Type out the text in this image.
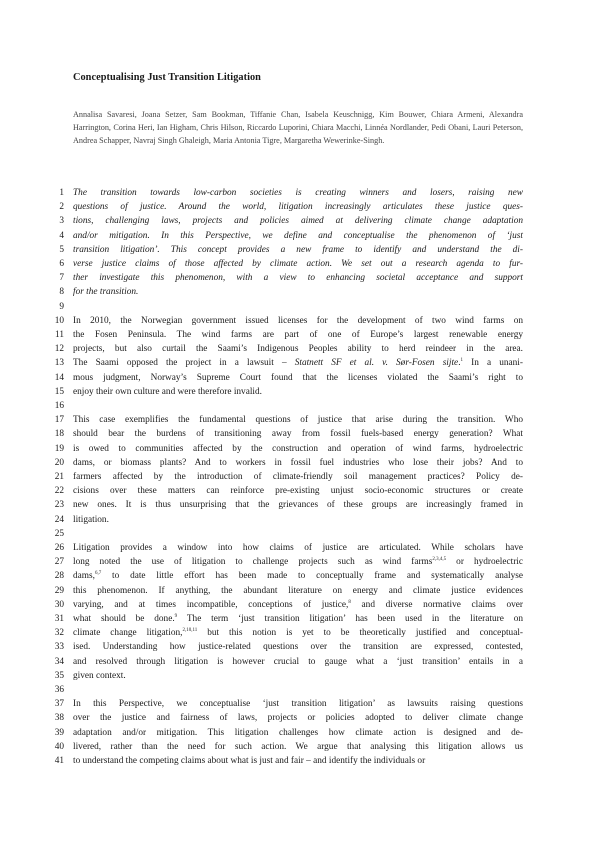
Conceptualising Just Transition Litigation
Annalisa Savaresi, Joana Setzer, Sam Bookman, Tiffanie Chan, Isabela Keuschnigg, Kim Bouwer, Chiara Armeni, Alexandra Harrington, Corina Heri, Ian Higham, Chris Hilson, Riccardo Luporini, Chiara Macchi, Linnéa Nordlander, Pedi Obani, Lauri Peterson, Andrea Schapper, Navraj Singh Ghaleigh, Maria Antonia Tigre, Margaretha Wewerinke-Singh.
1 The transition towards low-carbon societies is creating winners and losers, raising new
2 questions of justice. Around the world, litigation increasingly articulates these justice ques-
3 tions, challenging laws, projects and policies aimed at delivering climate change adaptation
4 and/or mitigation. In this Perspective, we define and conceptualise the phenomenon of ‘just
5 transition litigation’. This concept provides a new frame to identify and understand the di-
6 verse justice claims of those affected by climate action. We set out a research agenda to fur-
7 ther investigate this phenomenon, with a view to enhancing societal acceptance and support
8 for the transition.
9
10 In 2010, the Norwegian government issued licenses for the development of two wind farms on
11 the Fosen Peninsula. The wind farms are part of one of Europe’s largest renewable energy
12 projects, but also curtail the Saami’s Indigenous Peoples ability to herd reindeer in the area.
13 The Saami opposed the project in a lawsuit – Statnett SF et al. v. Sør-Fosen sijte.$^1$ In a unani-
14 mous judgment, Norway’s Supreme Court found that the licenses violated the Saami’s right to
15 enjoy their own culture and were therefore invalid.
16
17 This case exemplifies the fundamental questions of justice that arise during the transition. Who
18 should bear the burdens of transitioning away from fossil fuels-based energy generation? What
19 is owed to communities affected by the construction and operation of wind farms, hydroelectric
20 dams, or biomass plants? And to workers in fossil fuel industries who lose their jobs? And to
21 farmers affected by the introduction of climate-friendly soil management practices? Policy de-
22 cisions over these matters can reinforce pre-existing unjust socio-economic structures or create
23 new ones. It is thus unsurprising that the grievances of these groups are increasingly framed in
24 litigation.
25
26 Litigation provides a window into how claims of justice are articulated. While scholars have
27 long noted the use of litigation to challenge projects such as wind farms$^{2,3,4,5}$ or hydroelectric
28 dams,$^{6,7}$ to date little effort has been made to conceptually frame and systematically analyse
29 this phenomenon. If anything, the abundant literature on energy and climate justice evidences
30 varying, and at times incompatible, conceptions of justice,$^8$ and diverse normative claims over
31 what should be done.$^9$ The term ‘just transition litigation’ has been used in the literature on
32 climate change litigation,$^{2,10,11}$ but this notion is yet to be theoretically justified and conceptual-
33 ised. Understanding how justice-related questions over the transition are expressed, contested,
34 and resolved through litigation is however crucial to gauge what a ‘just transition’ entails in a
35 given context.
36
37 In this Perspective, we conceptualise ‘just transition litigation’ as lawsuits raising questions
38 over the justice and fairness of laws, projects or policies adopted to deliver climate change
39 adaptation and/or mitigation. This litigation challenges how climate action is designed and de-
40 livered, rather than the need for such action. We argue that analysing this litigation allows us
41 to understand the competing claims about what is just and fair – and identify the individuals or
